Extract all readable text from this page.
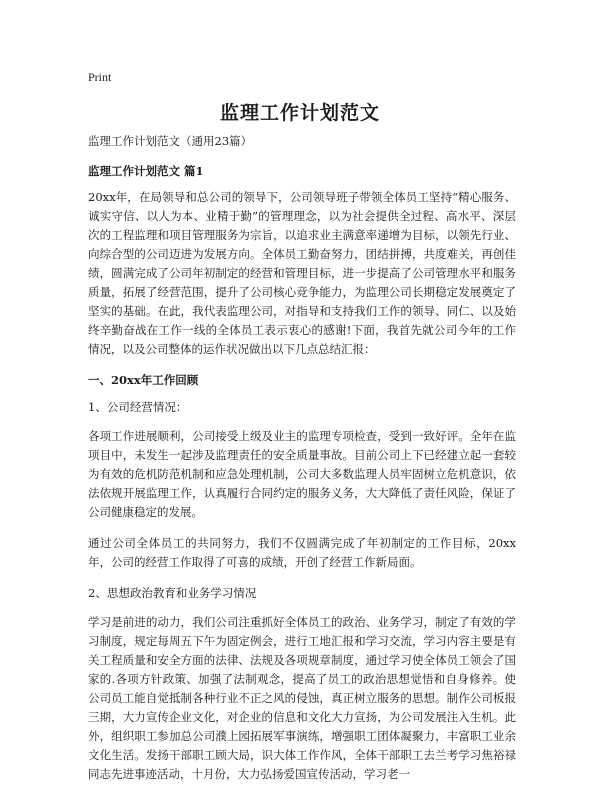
Print
监理工作计划范文

监理工作计划范文（通用23篇）

监理工作计划范文 篇1

20xx年，在局领导和总公司的领导下，公司领导班子带领全体员工坚持“精心服务、诚实守信、以人为本、业精于勤”的管理理念，以为社会提供全过程、高水平、深层次的工程监理和项目管理服务为宗旨，以追求业主满意率递增为目标，以领先行业、向综合型的公司迈进为发展方向。全体员工勤奋努力，团结拼搏，共度难关，再创佳绩，圆满完成了公司年初制定的经营和管理目标，进一步提高了公司管理水平和服务质量，拓展了经营范围，提升了公司核心竞争能力，为监理公司长期稳定发展奠定了坚实的基础。在此，我代表监理公司，对指导和支持我们工作的领导、同仁、以及始终辛勤奋战在工作一线的全体员工表示衷心的感谢!下面，我首先就公司今年的工作情况，以及公司整体的运作状况做出以下几点总结汇报：

一、20xx年工作回顾

1、公司经营情况：

各项工作进展顺利，公司接受上级及业主的监理专项检查，受到一致好评。全年在监项目中，未发生一起涉及监理责任的安全质量事故。目前公司上下已经建立起一套较为有效的危机防范机制和应急处理机制，公司大多数监理人员牢固树立危机意识，依法依规开展监理工作，认真履行合同约定的服务义务，大大降低了责任风险，保证了公司健康稳定的发展。

通过公司全体员工的共同努力，我们不仅圆满完成了年初制定的工作目标，20xx年，公司的经营工作取得了可喜的成绩，开创了经营工作新局面。

2、思想政治教育和业务学习情况

学习是前进的动力，我们公司注重抓好全体员工的政治、业务学习，制定了有效的学习制度，规定每周五下午为固定例会，进行工地汇报和学习交流，学习内容主要是有关工程质量和安全方面的法律、法规及各项规章制度，通过学习使全体员工领会了国家的.各项方针政策、加强了法制观念，提高了员工的政治思想觉悟和自身修养。使公司员工能自觉抵制各种行业不正之风的侵蚀，真正树立服务的思想。制作公司板报三期，大力宣传企业文化，对企业的信息和文化大力宣扬，为公司发展注入生机。此外，组织职工参加总公司濮上园拓展军事演练，增强职工团体凝聚力，丰富职工业余文化生活。发扬干部职工顾大局，识大体工作作风，全体干部职工去兰考学习焦裕禄同志先进事迹活动，十月份，大力弘扬爱国宣传活动，学习老一
